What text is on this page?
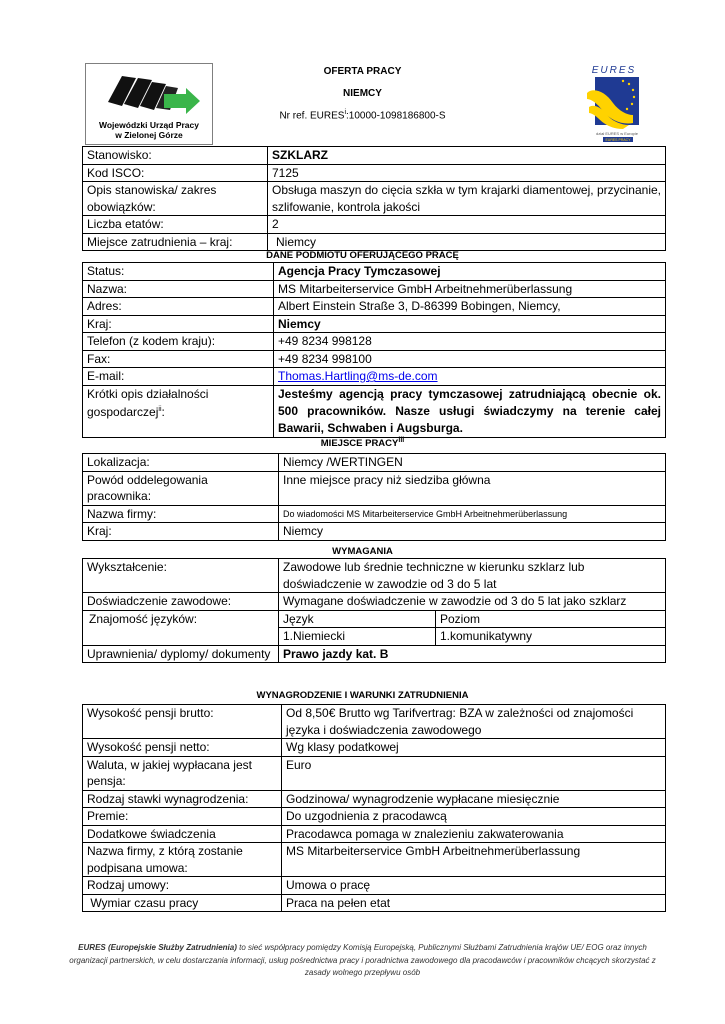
Wojewódzki Urząd Pracy
w Zielonej Górze
EURES
dział EURES w Europie
EURES PRACY
OFERTA PRACY
NIEMCY
Nr ref. EURES$^i$:10000-1098186800-S
Stanowisko:	SZKLARZ
Kod ISCO:	7125
Opis stanowiska/ zakres obowiązków:	Obsługa maszyn do cięcia szkła w tym krajarki diamentowej, przycinanie, szlifowanie, kontrola jakości
Liczba etatów:	2
Miejsce zatrudnienia – kraj:	Niemcy
DANE PODMIOTU OFERUJĄCEGO PRACĘ
Status:	Agencja Pracy Tymczasowej
Nazwa:	MS Mitarbeiterservice GmbH Arbeitnehmerüberlassung
Adres:	Albert Einstein Straße 3, D-86399 Bobingen, Niemcy,
Kraj:	Niemcy
Telefon (z kodem kraju):	+49 8234 998128
Fax:	+49 8234 998100
E-mail:	Thomas.Hartling@ms-de.com
Krótki opis działalności gospodarczej$^{ii}$:	Jesteśmy agencją pracy tymczasowej zatrudniającą obecnie ok. 500 pracowników. Nasze usługi świadczymy na terenie całej Bawarii, Schwaben i Augsburga.
MIEJSCE PRACY$^{iii}$
Lokalizacja:	Niemcy /WERTINGEN
Powód oddelegowania pracownika:	Inne miejsce pracy niż siedziba główna
Nazwa firmy:	Do wiadomości MS Mitarbeiterservice GmbH Arbeitnehmerüberlassung
Kraj:	Niemcy
WYMAGANIA
Wykształcenie:	Zawodowe lub średnie techniczne w kierunku szklarz lub doświadczenie w zawodzie od 3 do 5 lat	
Doświadczenie zawodowe:	Wymagane doświadczenie w zawodzie od 3 do 5 lat jako szklarz	
Znajomość języków:	Język	Poziom
	1.Niemiecki	1.komunikatywny
Uprawnienia/ dyplomy/ dokumenty	Prawo jazdy kat. B	
WYNAGRODZENIE I WARUNKI ZATRUDNIENIA
Wysokość pensji brutto:	Od 8,50€ Brutto wg Tarifvertrag: BZA w zależności od znajomości języka i doświadczenia zawodowego
Wysokość pensji netto:	Wg klasy podatkowej
Waluta, w jakiej wypłacana jest pensja:	Euro
Rodzaj stawki wynagrodzenia:	Godzinowa/ wynagrodzenie wypłacane miesięcznie
Premie:	Do uzgodnienia z pracodawcą
Dodatkowe świadczenia	Pracodawca pomaga w znalezieniu zakwaterowania
Nazwa firmy, z którą zostanie podpisana umowa:	MS Mitarbeiterservice GmbH Arbeitnehmerüberlassung
Rodzaj umowy:	Umowa o pracę
Wymiar czasu pracy	Praca na pełen etat
EURES (Europejskie Służby Zatrudnienia) to sieć współpracy pomiędzy Komisją Europejską, Publicznymi Służbami Zatrudnienia krajów UE/ EOG oraz innych organizacji partnerskich, w celu dostarczania informacji, usług pośrednictwa pracy i poradnictwa zawodowego dla pracodawców i pracowników chcących skorzystać z zasady wolnego przepływu osób
